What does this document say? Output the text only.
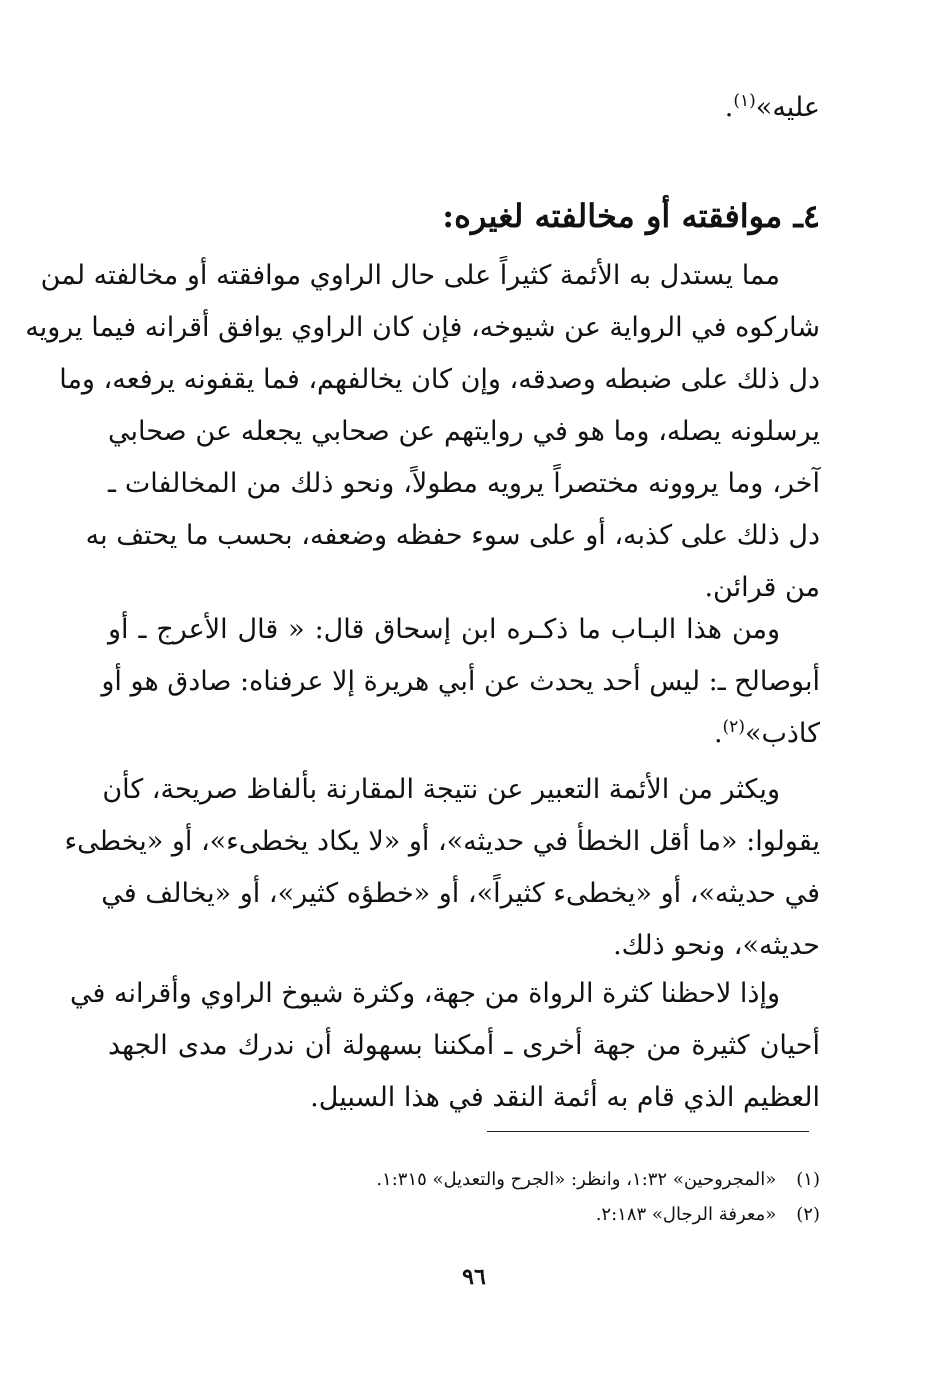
عليه»$^{(١)}$.
٤ـ موافقته أو مخالفته لغيره:
مما يستدل به الأئمة كثيراً على حال الراوي موافقته أو مخالفته لمن
شاركوه في الرواية عن شيوخه، فإن كان الراوي يوافق أقرانه فيما يرويه
دل ذلك على ضبطه وصدقه، وإن كان يخالفهم، فما يقفونه يرفعه، وما
يرسلونه يصله، وما هو في روايتهم عن صحابي يجعله عن صحابي
آخر، وما يروونه مختصراً يرويه مطولاً، ونحو ذلك من المخالفات ـ
دل ذلك على كذبه، أو على سوء حفظه وضعفه، بحسب ما يحتف به
من قرائن.
ومن هذا البـاب ما ذكـره ابن إسحاق قال: « قال الأعرج ـ أو
أبوصالح ـ: ليس أحد يحدث عن أبي هريرة إلا عرفناه: صادق هو أو
كاذب»$^{(٢)}$.
ويكثر من الأئمة التعبير عن نتيجة المقارنة بألفاظ صريحة، كأن
يقولوا: «ما أقل الخطأ في حديثه»، أو «لا يكاد يخطىء»، أو «يخطىء
في حديثه»، أو «يخطىء كثيراً»، أو «خطؤه كثير»، أو «يخالف في
حديثه»، ونحو ذلك.
وإذا لاحظنا كثرة الرواة من جهة، وكثرة شيوخ الراوي وأقرانه في
أحيان كثيرة من جهة أخرى ـ أمكننا بسهولة أن ندرك مدى الجهد
العظيم الذي قام به أئمة النقد في هذا السبيل.
(١) «المجروحين» ١:٣٢، وانظر: «الجرح والتعديل» ١:٣١٥.
(٢) «معرفة الرجال» ٢:١٨٣.
٩٦
